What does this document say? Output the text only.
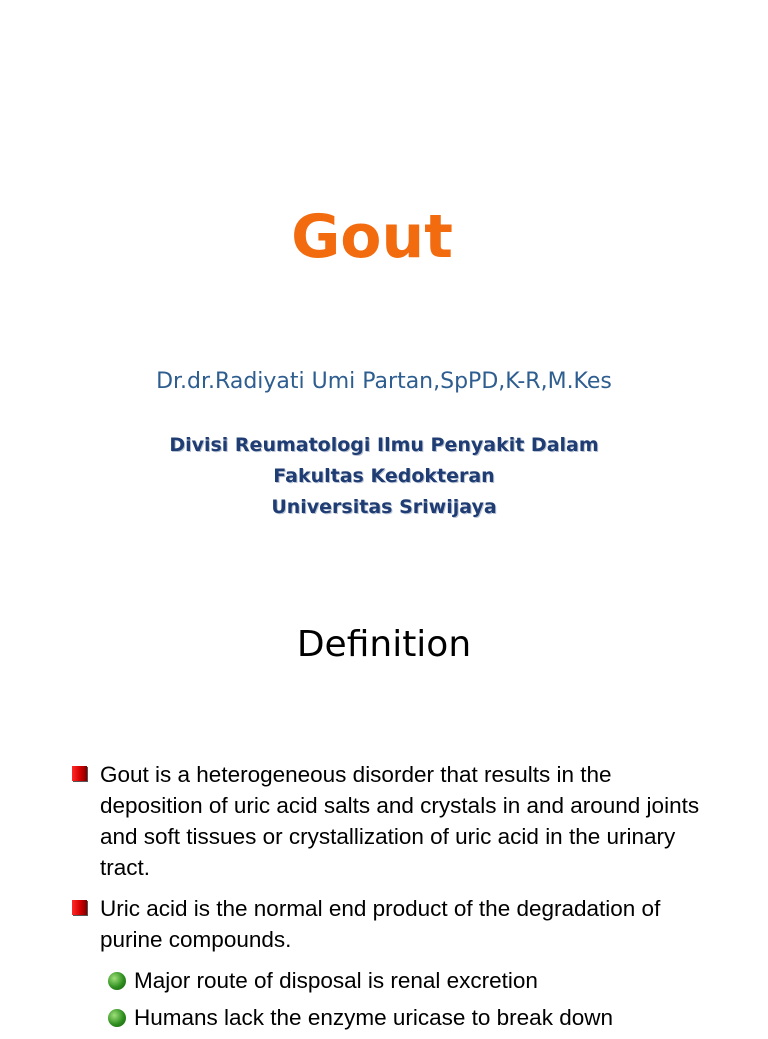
Gout
Dr.dr.Radiyati Umi Partan,SpPD,K-R,M.Kes
Divisi Reumatologi Ilmu Penyakit Dalam
Fakultas Kedokteran
Universitas Sriwijaya
Definition
Gout is a heterogeneous disorder that results in the deposition of uric acid salts and crystals in and around joints and soft tissues or crystallization of uric acid in the urinary tract.
Uric acid is the normal end product of the degradation of purine compounds.
Major route of disposal is renal excretion
Humans lack the enzyme uricase to break down
